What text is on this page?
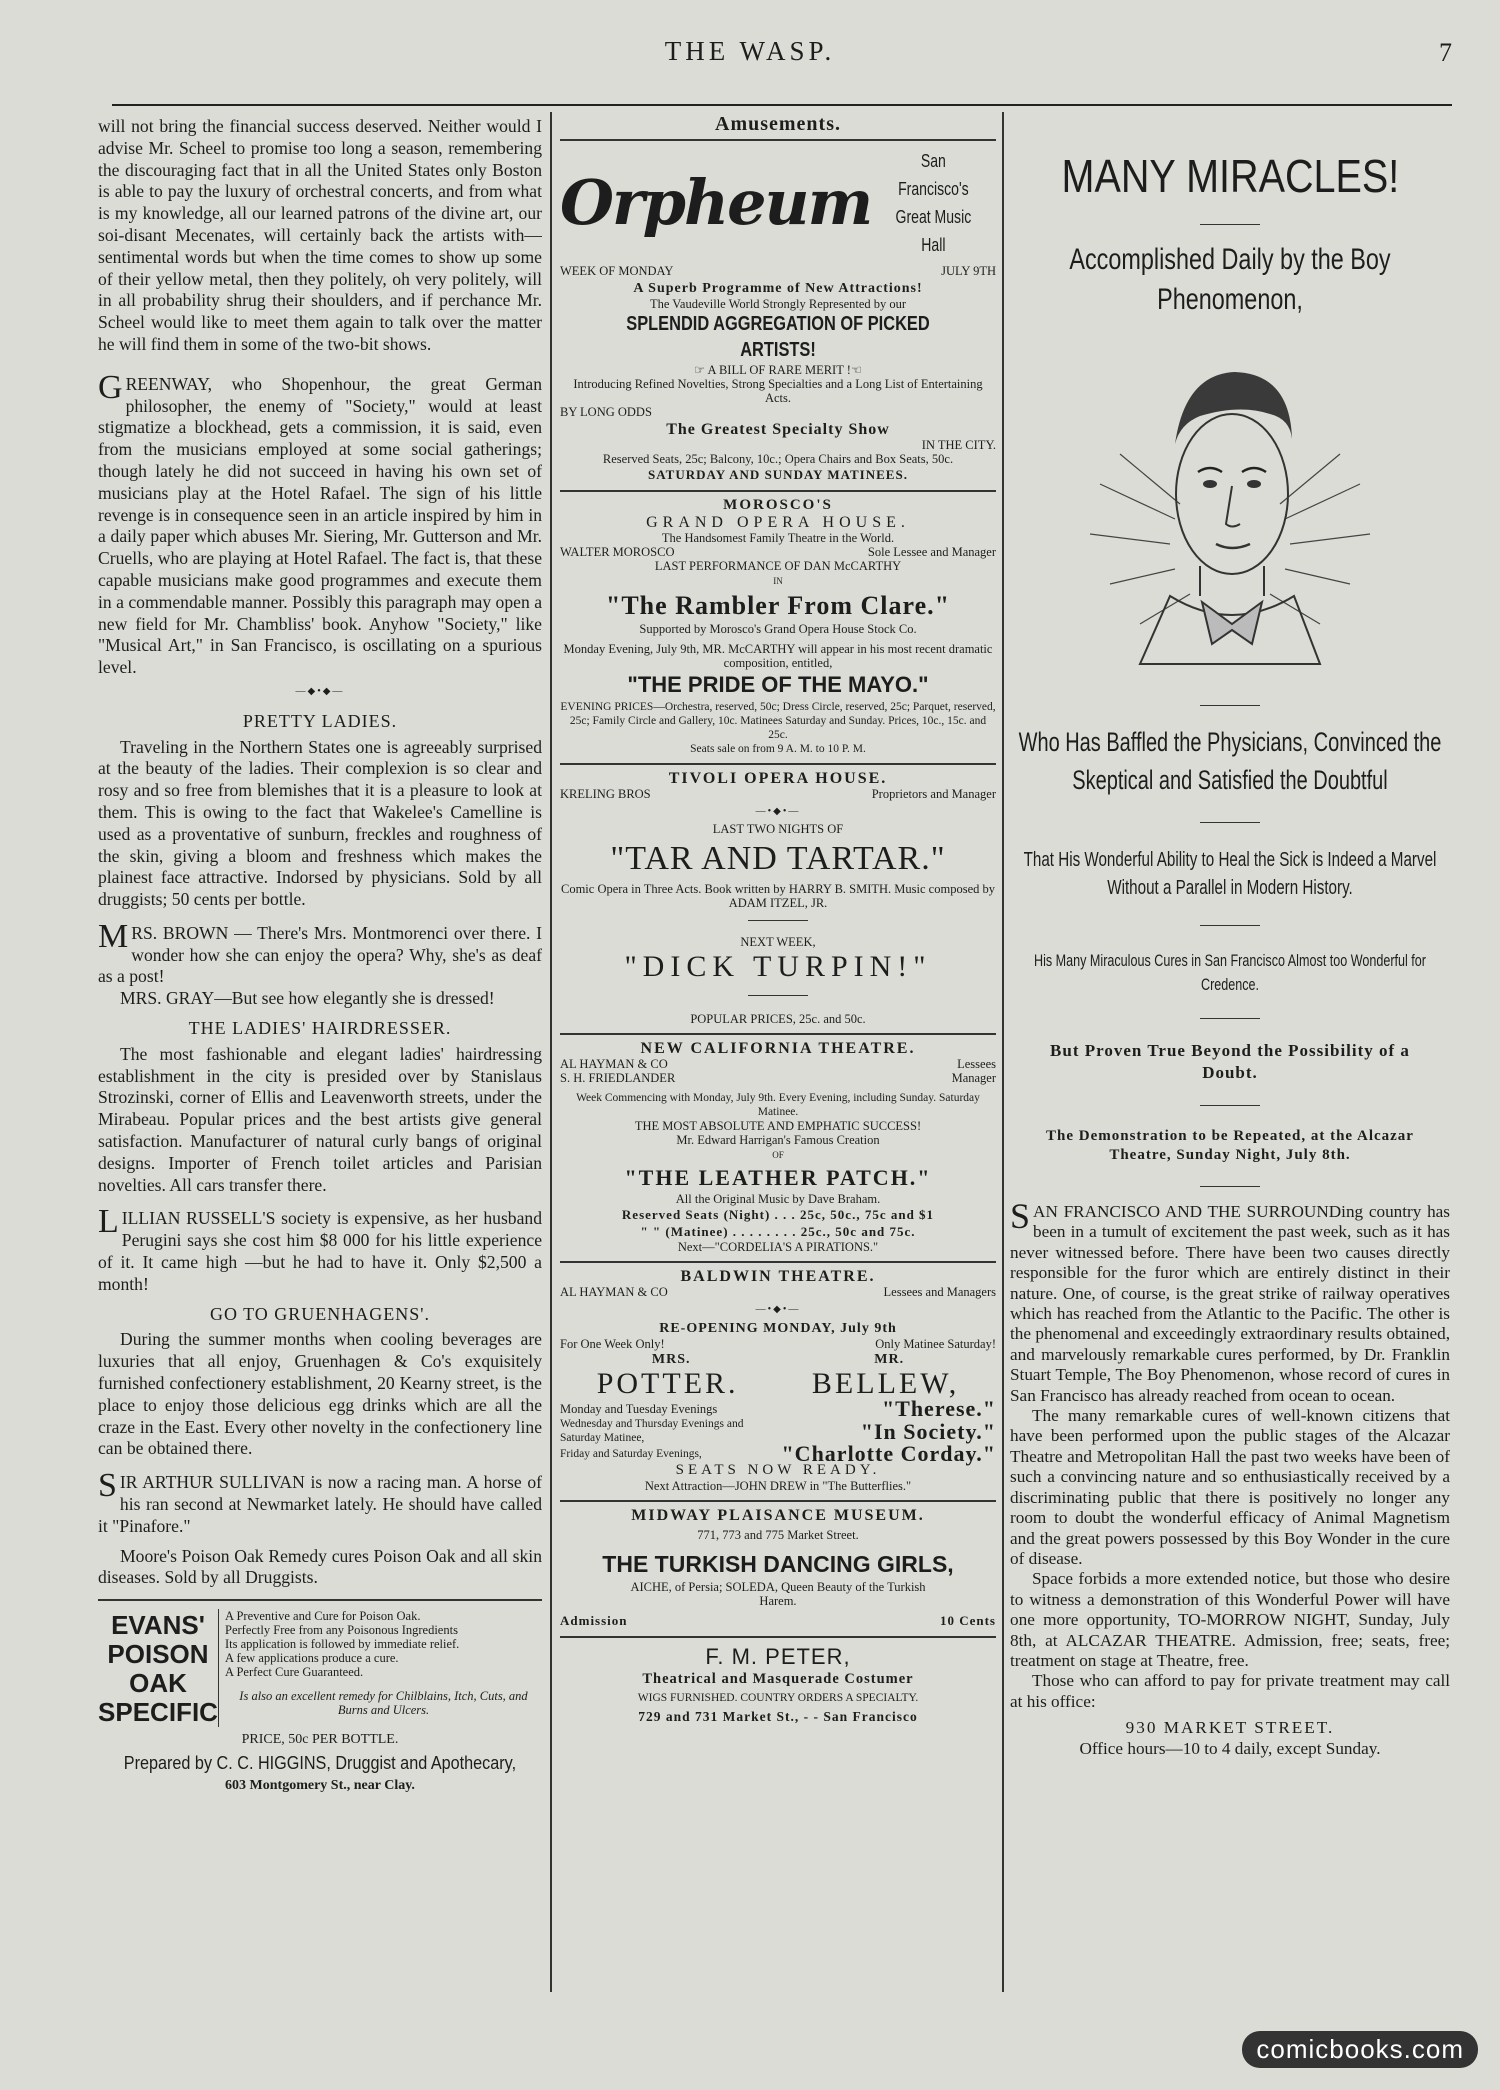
THE WASP.	7

will not bring the financial success deserved. Neither would I advise Mr. Scheel to promise too long a season, remembering the discouraging fact that in all the United States only Boston is able to pay the luxury of orchestral concerts, and from what is my knowledge, all our learned patrons of the divine art, our soi-disant Mecenates, will certainly back the artists with—sentimental words but when the time comes to show up some of their yellow metal, then they politely, oh very politely, will in all probability shrug their shoulders, and if perchance Mr. Scheel would like to meet them again to talk over the matter he will find them in some of the two-bit shows.

GREENWAY, who Shopenhour, the great German philosopher, the enemy of "Society," would at least stigmatize a blockhead, gets a commission, it is said, even from the musicians employed at some social gatherings; though lately he did not succeed in having his own set of musicians play at the Hotel Rafael. The sign of his little revenge is in consequence seen in an article inspired by him in a daily paper which abuses Mr. Siering, Mr. Gutterson and Mr. Cruells, who are playing at Hotel Rafael. The fact is, that these capable musicians make good programmes and execute them in a commendable manner. Possibly this paragraph may open a new field for Mr. Chambliss' book. Anyhow "Society," like "Musical Art," in San Francisco, is oscillating on a spurious level.

—◆•◆—
PRETTY LADIES.

Traveling in the Northern States one is agreeably surprised at the beauty of the ladies. Their complexion is so clear and rosy and so free from blemishes that it is a pleasure to look at them. This is owing to the fact that Wakelee's Camelline is used as a proventative of sunburn, freckles and roughness of the skin, giving a bloom and freshness which makes the plainest face attractive. Indorsed by physicians. Sold by all druggists; 50 cents per bottle.

MRS. BROWN — There's Mrs. Montmorenci over there. I wonder how she can enjoy the opera? Why, she's as deaf as a post!

MRS. GRAY—But see how elegantly she is dressed!

THE LADIES' HAIRDRESSER.

The most fashionable and elegant ladies' hairdressing establishment in the city is presided over by Stanislaus Strozinski, corner of Ellis and Leavenworth streets, under the Mirabeau. Popular prices and the best artists give general satisfaction. Manufacturer of natural curly bangs of original designs. Importer of French toilet articles and Parisian novelties. All cars transfer there.

LILLIAN RUSSELL'S society is expensive, as her husband Perugini says she cost him $8 000 for his little experience of it. It came high —but he had to have it. Only $2,500 a month!

GO TO GRUENHAGENS'.

During the summer months when cooling beverages are luxuries that all enjoy, Gruenhagen & Co's exquisitely furnished confectionery establishment, 20 Kearny street, is the place to enjoy those delicious egg drinks which are all the craze in the East. Every other novelty in the confectionery line can be obtained there.

SIR ARTHUR SULLIVAN is now a racing man. A horse of his ran second at Newmarket lately. He should have called it "Pinafore."

Moore's Poison Oak Remedy cures Poison Oak and all skin diseases. Sold by all Druggists.

EVANS'
POISON
OAK
SPECIFIC
A Preventive and Cure for Poison Oak.
Perfectly Free from any Poisonous Ingredients
Its application is followed by immediate relief.
A few applications produce a cure.
A Perfect Cure Guaranteed.
Is also an excellent remedy for Chilblains, Itch, Cuts, and Burns and Ulcers.
PRICE, 50c PER BOTTLE.
Prepared by C. C. HIGGINS, Druggist and Apothecary,
603 Montgomery St., near Clay.
Amusements.
Orpheum
San Francisco's
Great Music Hall
WEEK OF MONDAY	JULY 9TH
A Superb Programme of New Attractions!
The Vaudeville World Strongly Represented by our
SPLENDID AGGREGATION OF PICKED ARTISTS!
☞ A BILL OF RARE MERIT !☜
Introducing Refined Novelties, Strong Specialties and a Long List of Entertaining Acts.
BY LONG ODDS
The Greatest Specialty Show
IN THE CITY.
Reserved Seats, 25c; Balcony, 10c.; Opera Chairs and Box Seats, 50c.
SATURDAY AND SUNDAY MATINEES.
MOROSCO'S
GRAND OPERA HOUSE.
The Handsomest Family Theatre in the World.
WALTER MOROSCO	Sole Lessee and Manager
LAST PERFORMANCE OF DAN McCARTHY
IN
"The Rambler From Clare."
Supported by Morosco's Grand Opera House Stock Co.
Monday Evening, July 9th, MR. McCARTHY will appear in his most recent dramatic composition, entitled,
"THE PRIDE OF THE MAYO."
EVENING PRICES—Orchestra, reserved, 50c; Dress Circle, reserved, 25c; Parquet, reserved, 25c; Family Circle and Gallery, 10c. Matinees Saturday and Sunday. Prices, 10c., 15c. and 25c.
Seats sale on from 9 A. M. to 10 P. M.
TIVOLI OPERA HOUSE.
KRELING BROS	Proprietors and Manager
—•◆•—
LAST TWO NIGHTS OF
"TAR AND TARTAR."
Comic Opera in Three Acts. Book written by HARRY B. SMITH. Music composed by ADAM ITZEL, JR.
NEXT WEEK,
"DICK TURPIN!"
POPULAR PRICES, 25c. and 50c.
NEW CALIFORNIA THEATRE.
AL HAYMAN & CO	Lessees
S. H. FRIEDLANDER	Manager
Week Commencing with Monday, July 9th. Every Evening, including Sunday. Saturday Matinee.
THE MOST ABSOLUTE AND EMPHATIC SUCCESS!
Mr. Edward Harrigan's Famous Creation
OF
"THE LEATHER PATCH."
All the Original Music by Dave Braham.
Reserved Seats (Night) . . . 25c, 50c., 75c and $1
" " (Matinee) . . . . . . . . 25c., 50c and 75c.
Next—"CORDELIA'S A PIRATIONS."
BALDWIN THEATRE.
AL HAYMAN & CO	Lessees and Managers
—•◆•—
RE-OPENING MONDAY, July 9th
For One Week Only!	Only Matinee Saturday!
MRS.	MR.
POTTER. BELLEW,
Monday and Tuesday Evenings	"Therese."
Wednesday and Thursday Evenings and Saturday Matinee,	"In Society."
Friday and Saturday Evenings,	"Charlotte Corday."
SEATS NOW READY.
Next Attraction—JOHN DREW in "The Butterflies."
MIDWAY PLAISANCE MUSEUM.
771, 773 and 775 Market Street.
THE TURKISH DANCING GIRLS,
AICHE, of Persia; SOLEDA, Queen Beauty of the Turkish Harem.
Admission	10 Cents
F. M. PETER,
Theatrical and Masquerade Costumer
WIGS FURNISHED. COUNTRY ORDERS A SPECIALTY.
729 and 731 Market St., - - San Francisco
MANY MIRACLES!
Accomplished Daily by the Boy Phenomenon,
Who Has Baffled the Physicians, Convinced the Skeptical and Satisfied the Doubtful
That His Wonderful Ability to Heal the Sick is Indeed a Marvel Without a Parallel in Modern History.
His Many Miraculous Cures in San Francisco Almost too Wonderful for Credence.
But Proven True Beyond the Possibility of a Doubt.
The Demonstration to be Repeated, at the Alcazar Theatre, Sunday Night, July 8th.

SAN FRANCISCO AND THE SURROUNDing country has been in a tumult of excitement the past week, such as it has never witnessed before. There have been two causes directly responsible for the furor which are entirely distinct in their nature. One, of course, is the great strike of railway operatives which has reached from the Atlantic to the Pacific. The other is the phenomenal and exceedingly extraordinary results obtained, and marvelously remarkable cures performed, by Dr. Franklin Stuart Temple, The Boy Phenomenon, whose record of cures in San Francisco has already reached from ocean to ocean.

The many remarkable cures of well-known citizens that have been performed upon the public stages of the Alcazar Theatre and Metropolitan Hall the past two weeks have been of such a convincing nature and so enthusiastically received by a discriminating public that there is positively no longer any room to doubt the wonderful efficacy of Animal Magnetism and the great powers possessed by this Boy Wonder in the cure of disease.

Space forbids a more extended notice, but those who desire to witness a demonstration of this Wonderful Power will have one more opportunity, TO-MORROW NIGHT, Sunday, July 8th, at ALCAZAR THEATRE. Admission, free; seats, free; treatment on stage at Theatre, free.

Those who can afford to pay for private treatment may call at his office:

930 MARKET STREET.
Office hours—10 to 4 daily, except Sunday.
comicbooks.com
